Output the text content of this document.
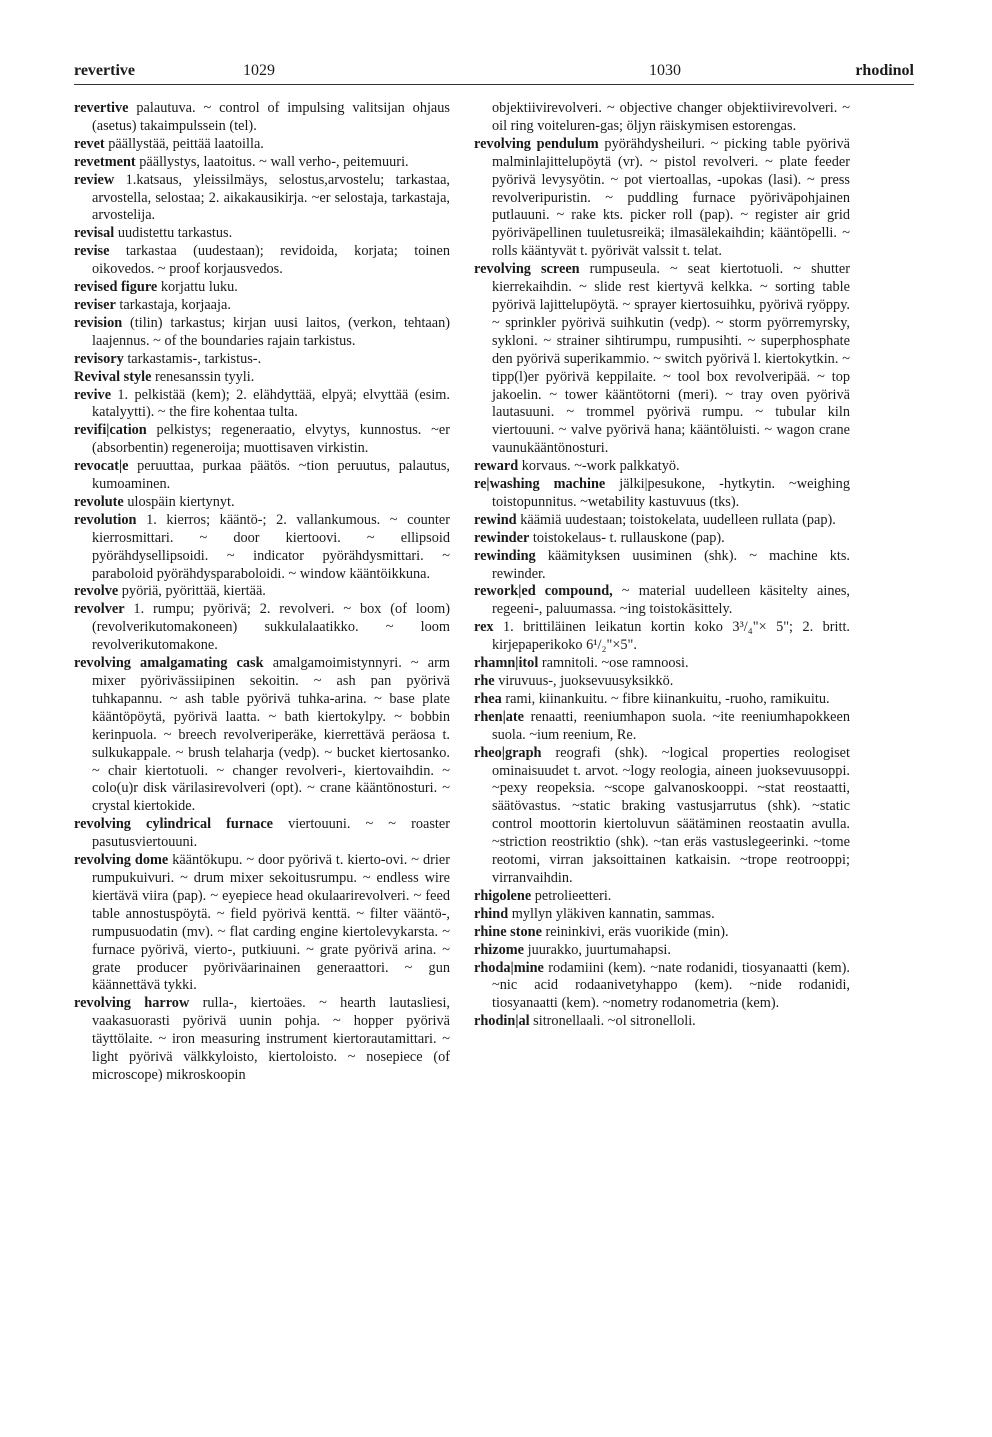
revertive	1029	1030	rhodinol
revertive palautuva. ~ control of impulsing valitsijan ohjaus (asetus) takaimpulssein (tel).
revet päällystää, peittää laatoilla.
revetment päällystys, laatoitus. ~ wall verho-, peitemuuri.
review 1.katsaus, yleissilmäys, selostus,arvostelu; tarkastaa, arvostella, selostaa; 2. aikakausikirja. ~er selostaja, tarkastaja, arvostelija.
revisal uudistettu tarkastus.
revise tarkastaa (uudestaan); revidoida, korjata; toinen oikovedos. ~ proof korjausvedos.
revised figure korjattu luku.
reviser tarkastaja, korjaaja.
revision (tilin) tarkastus; kirjan uusi laitos, (verkon, tehtaan) laajennus. ~ of the boundaries rajain tarkistus.
revisory tarkastamis-, tarkistus-.
Revival style renesanssin tyyli.
revive 1. pelkistää (kem); 2. elähdyttää, elpyä; elvyttää (esim. katalyytti). ~ the fire kohentaa tulta.
revifi|cation pelkistys; regeneraatio, elvytys, kunnostus. ~er (absorbentin) regeneroija; muottisaven virkistin.
revocat|e peruuttaa, purkaa päätös. ~tion peruutus, palautus, kumoaminen.
revolute ulospäin kiertynyt.
revolution 1. kierros; kääntö-; 2. vallankumous. ~ counter kierrosmittari. ~ door kiertoovi. ~ ellipsoid pyörähdysellipsoidi. ~ indicator pyörähdysmittari. ~ paraboloid pyörähdysparaboloidi. ~ window kääntöikkuna.
revolve pyöriä, pyörittää, kiertää.
revolver 1. rumpu; pyörivä; 2. revolveri. ~ box (of loom) (revolverikutomakoneen) sukkulalaatikko. ~ loom revolverikutomakone.
revolving amalgamating cask amalgamoimistynnyri. ~ arm mixer pyörivässiipinen sekoitin. ~ ash pan pyörivä tuhkapannu. ~ ash table pyörivä tuhka-arina. ~ base plate kääntöpöytä, pyörivä laatta. ~ bath kiertokylpy. ~ bobbin kerinpuola. ~ breech revolveriperäke, kierrettävä peräosa t. sulkukappale. ~ brush telaharja (vedp). ~ bucket kiertosanko. ~ chair kiertotuoli. ~ changer revolveri-, kiertovaihdin. ~ colo(u)r disk värilasirevolveri (opt). ~ crane kääntönosturi. ~ crystal kiertokide.
revolving cylindrical furnace viertouuni. ~ ~ roaster pasutusviertouuni.
revolving dome kääntökupu. ~ door pyörivä t. kierto-ovi. ~ drier rumpukuivuri. ~ drum mixer sekoitusrumpu. ~ endless wire kiertävä viira (pap). ~ eyepiece head okulaarirevolveri. ~ feed table annostuspöytä. ~ field pyörivä kenttä. ~ filter vääntö-, rumpusuodatin (mv). ~ flat carding engine kiertolevykarsta. ~ furnace pyörivä, vierto-, putkiuuni. ~ grate pyörivä arina. ~ grate producer pyöriväarinainen generaattori. ~ gun käännettävä tykki.
revolving harrow rulla-, kiertoäes. ~ hearth lautasliesi, vaakasuorasti pyörivä uunin pohja. ~ hopper pyörivä täyttölaite. ~ iron measuring instrument kiertorautamittari. ~ light pyörivä välkkyloisto, kiertoloisto. ~ nosepiece (of microscope) mikroskoopin
objektiivirevolveri. ~ objective changer objektiivirevolveri. ~ oil ring voiteluren-gas; öljyn räiskymisen estorengas.
revolving pendulum pyörähdysheiluri. ~ picking table pyörivä malminlajittelupöytä (vr). ~ pistol revolveri. ~ plate feeder pyörivä levysyötin. ~ pot viertoallas, -upokas (lasi). ~ press revolveripuristin. ~ puddling furnace pyöriväpohjainen putlauuni. ~ rake kts. picker roll (pap). ~ register air grid pyöriväpellinen tuuletusreikä; ilmasälekaihdin; kääntöpelli. ~ rolls kääntyvät t. pyörivät valssit t. telat.
revolving screen rumpuseula. ~ seat kiertotuoli. ~ shutter kierrekaihdin. ~ slide rest kiertyvä kelkka. ~ sorting table pyörivä lajittelupöytä. ~ sprayer kiertosuihku, pyörivä ryöppy. ~ sprinkler pyörivä suihkutin (vedp). ~ storm pyörremyrsky, sykloni. ~ strainer sihtirumpu, rumpusihti. ~ superphosphate den pyörivä superikammio. ~ switch pyörivä l. kiertokytkin. ~ tipp(l)er pyörivä keppilaite. ~ tool box revolveripää. ~ top jakoelin. ~ tower kääntötorni (meri). ~ tray oven pyörivä lautasuuni. ~ trommel pyörivä rumpu. ~ tubular kiln viertouuni. ~ valve pyörivä hana; kääntöluisti. ~ wagon crane vaunukääntönosturi.
reward korvaus. ~-work palkkatyö.
re|washing machine jälki|pesukone, -hytkytin. ~weighing toistopunnitus. ~wetability kastuvuus (tks).
rewind käämiä uudestaan; toistokelata, uudelleen rullata (pap).
rewinder toistokelaus- t. rullauskone (pap).
rewinding käämityksen uusiminen (shk). ~ machine kts. rewinder.
rework|ed compound, ~ material uudelleen käsitelty aines, regeeni-, paluumassa. ~ing toistokäsittely.
rex 1. brittiläinen leikatun kortin koko 3³/₄"× 5"; 2. britt. kirjepaperikoko 6¹/₂"×5".
rhamn|itol ramnitoli. ~ose ramnoosi.
rhe viruvuus-, juoksevuusyksikkö.
rhea rami, kiinankuitu. ~ fibre kiinankuitu, -ruoho, ramikuitu.
rhen|ate renaatti, reeniumhapon suola. ~ite reeniumhapokkeen suola. ~ium reenium, Re.
rheo|graph reografi (shk). ~logical properties reologiset ominaisuudet t. arvot. ~logy reologia, aineen juoksevuusoppi. ~pexy reopeksia. ~scope galvanoskooppi. ~stat reostaatti, säätövastus. ~static braking vastusjarrutus (shk). ~static control moottorin kiertoluvun säätäminen reostaatin avulla. ~striction reostriktio (shk). ~tan eräs vastuslegeerinki. ~tome reotomi, virran jaksoittainen katkaisin. ~trope reotrooppi; virranvaihdin.
rhigolene petrolieetteri.
rhind myllyn yläkiven kannatin, sammas.
rhine stone reininkivi, eräs vuorikide (min).
rhizome juurakko, juurtumahapsi.
rhoda|mine rodamiini (kem). ~nate rodanidi, tiosyanaatti (kem). ~nic acid rodaanivetyhappo (kem). ~nide rodanidi, tiosyanaatti (kem). ~nometry rodanometria (kem).
rhodin|al sitronellaali. ~ol sitronelloli.
